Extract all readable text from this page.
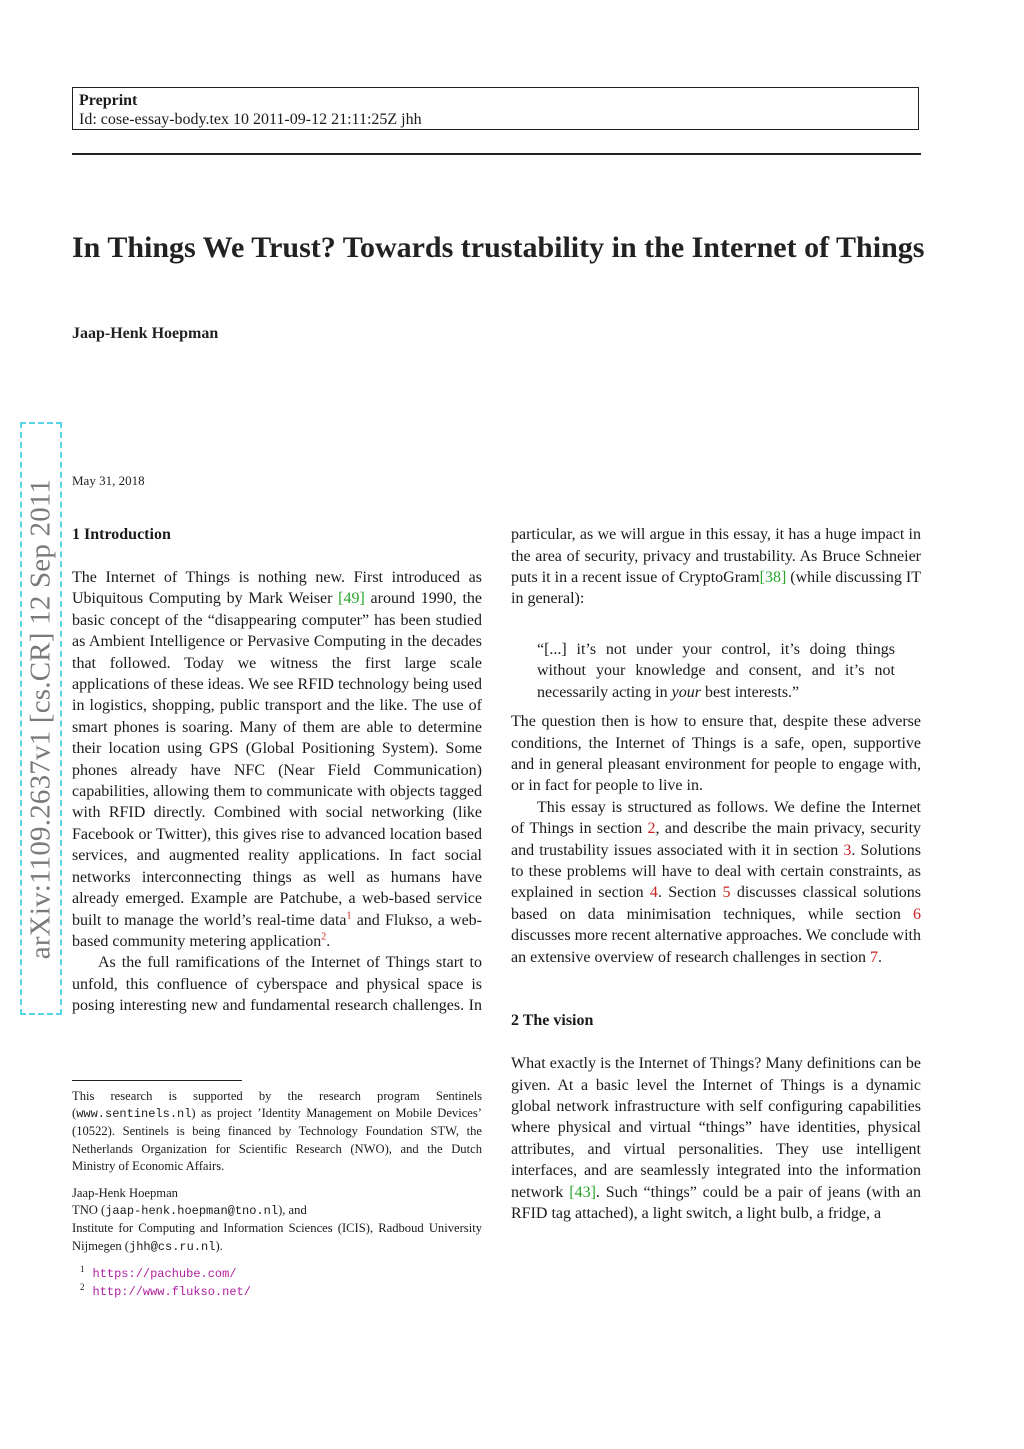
Preprint
Id: cose-essay-body.tex 10 2011-09-12 21:11:25Z jhh
In Things We Trust? Towards trustability in the Internet of Things
Jaap-Henk Hoepman
May 31, 2018
arXiv:1109.2637v1 [cs.CR] 12 Sep 2011 1 Introduction

The Internet of Things is nothing new. First introduced as Ubiquitous Computing by Mark Weiser [49] around 1990, the basic concept of the “disappearing computer” has been studied as Ambient Intelligence or Pervasive Computing in the decades that followed. Today we witness the first large scale applications of these ideas. We see RFID technology being used in logistics, shopping, public transport and the like. The use of smart phones is soaring. Many of them are able to determine their location using GPS (Global Positioning System). Some phones already have NFC (Near Field Communication) capabilities, allowing them to communicate with objects tagged with RFID directly. Combined with social networking (like Facebook or Twitter), this gives rise to advanced location based services, and augmented reality applications. In fact social networks interconnecting things as well as humans have already emerged. Example are Patchube, a web-based service built to manage the world’s real-time data$^1$ and Flukso, a web-based community metering application$^2$.

As the full ramifications of the Internet of Things start to unfold, this confluence of cyberspace and physical space is posing interesting new and fundamental research challenges. In

particular, as we will argue in this essay, it has a huge impact in the area of security, privacy and trustability. As Bruce Schneier puts it in a recent issue of CryptoGram[38] (while discussing IT in general):

“[...] it’s not under your control, it’s doing things without your knowledge and consent, and it’s not necessarily acting in your best interests.”

The question then is how to ensure that, despite these adverse conditions, the Internet of Things is a safe, open, supportive and in general pleasant environment for people to engage with, or in fact for people to live in.

This essay is structured as follows. We define the Internet of Things in section 2, and describe the main privacy, security and trustability issues associated with it in section 3. Solutions to these problems will have to deal with certain constraints, as explained in section 4. Section 5 discusses classical solutions based on data minimisation techniques, while section 6 discusses more recent alternative approaches. We conclude with an extensive overview of research challenges in section 7.

2 The vision

What exactly is the Internet of Things? Many definitions can be given. At a basic level the Internet of Things is a dynamic global network infrastructure with self configuring capabilities where physical and virtual “things” have identities, physical attributes, and virtual personalities. They use intelligent interfaces, and are seamlessly integrated into the information network [43]. Such “things” could be a pair of jeans (with an RFID tag attached), a light switch, a light bulb, a fridge, a

This research is supported by the research program Sentinels (www.sentinels.nl) as project ’Identity Management on Mobile Devices’ (10522). Sentinels is being financed by Technology Foundation STW, the Netherlands Organization for Scientific Research (NWO), and the Dutch Ministry of Economic Affairs.
Jaap-Henk Hoepman
TNO (jaap-henk.hoepman@tno.nl), and
Institute for Computing and Information Sciences (ICIS), Radboud University Nijmegen (jhh@cs.ru.nl).
$^1$ https://pachube.com/
$^2$ http://www.flukso.net/
